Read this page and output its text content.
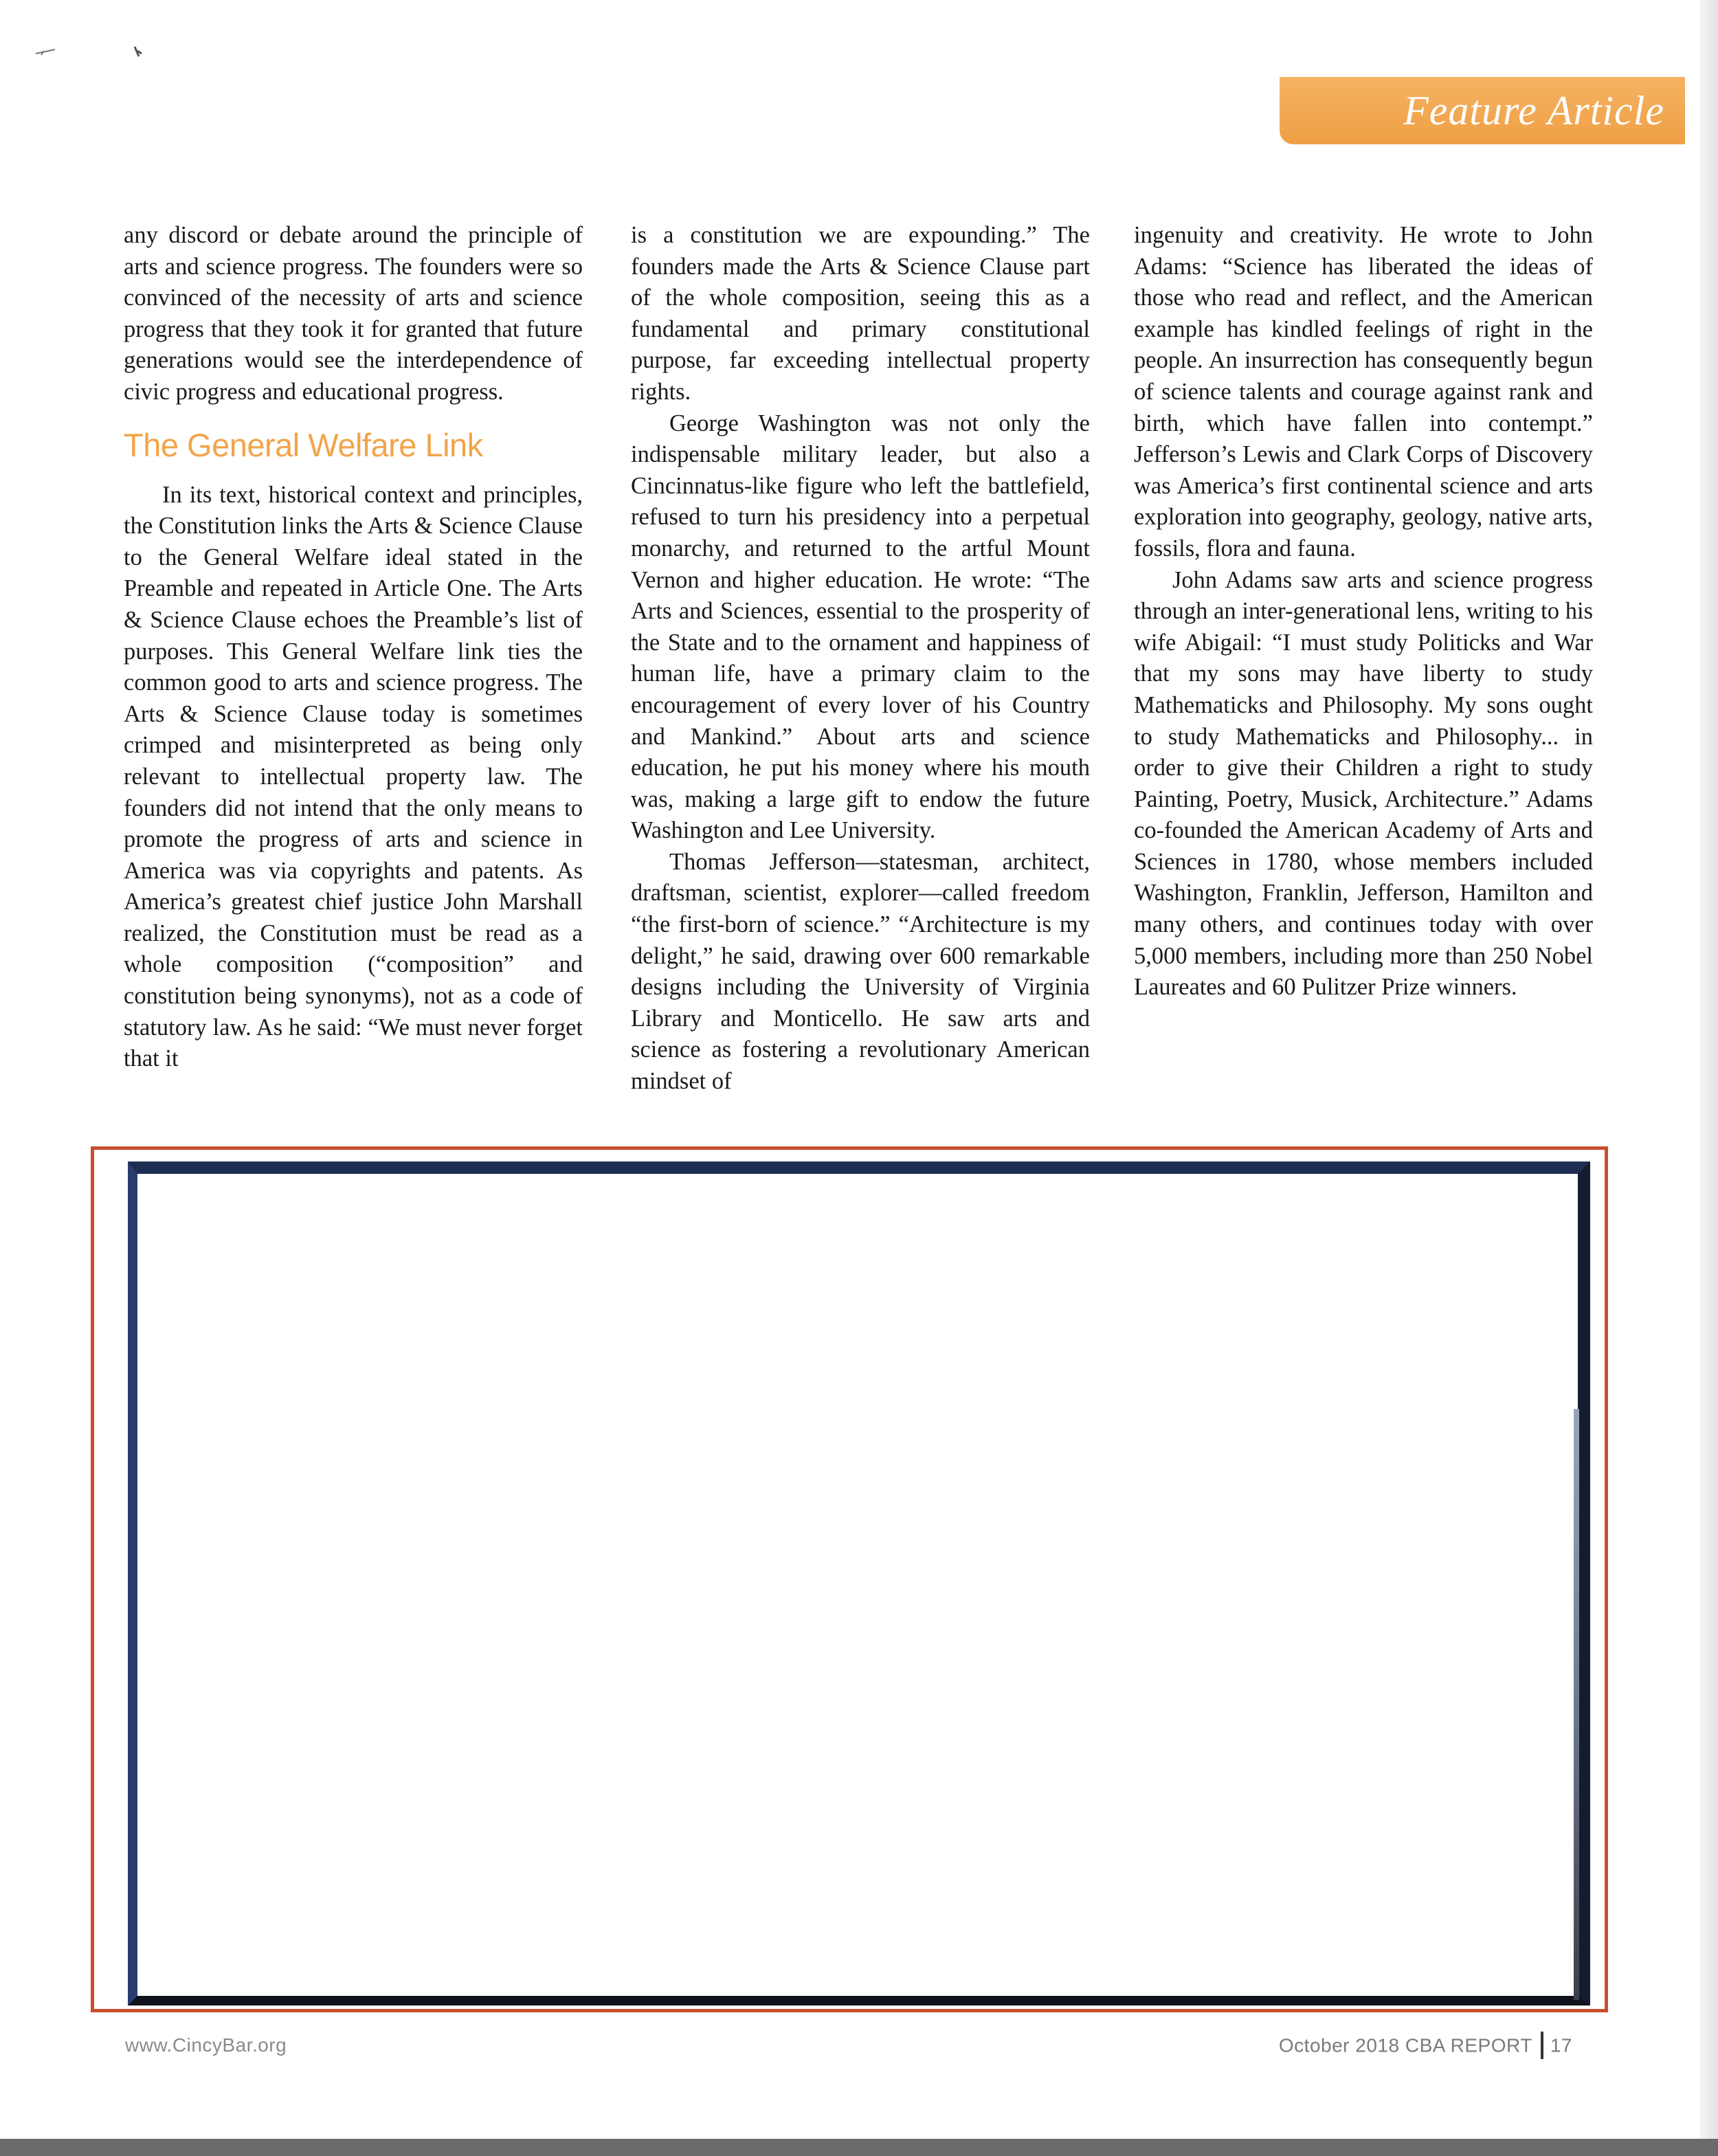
Feature Article

any discord or debate around the principle of arts and science progress. The founders were so convinced of the necessity of arts and science progress that they took it for granted that future generations would see the interdependence of civic progress and educational progress.

The General Welfare Link

In its text, historical context and principles, the Constitution links the Arts & Science Clause to the General Welfare ideal stated in the Preamble and repeated in Article One. The Arts & Science Clause echoes the Preamble’s list of purposes. This General Welfare link ties the common good to arts and science progress. The Arts & Science Clause today is sometimes crimped and misinterpreted as being only relevant to intellectual property law. The founders did not intend that the only means to promote the progress of arts and science in America was via copyrights and patents. As America’s greatest chief justice John Marshall realized, the Constitution must be read as a whole composition (“composition” and constitution being synonyms), not as a code of statutory law. As he said: “We must never forget that it

is a constitution we are expounding.” The founders made the Arts & Science Clause part of the whole composition, seeing this as a fundamental and primary constitutional purpose, far exceeding intellectual property rights.

George Washington was not only the indispensable military leader, but also a Cincinnatus-like figure who left the battlefield, refused to turn his presidency into a perpetual monarchy, and returned to the artful Mount Vernon and higher education. He wrote: “The Arts and Sciences, essential to the prosperity of the State and to the ornament and happiness of human life, have a primary claim to the encouragement of every lover of his Country and Mankind.” About arts and science education, he put his money where his mouth was, making a large gift to endow the future Washington and Lee University.

Thomas Jefferson—statesman, architect, draftsman, scientist, explorer—called freedom “the first-born of science.” “Architecture is my delight,” he said, drawing over 600 remarkable designs including the University of Virginia Library and Monticello. He saw arts and science as fostering a revolutionary American mindset of

ingenuity and creativity. He wrote to John Adams: “Science has liberated the ideas of those who read and reflect, and the American example has kindled feelings of right in the people. An insurrection has consequently begun of science talents and courage against rank and birth, which have fallen into contempt.” Jefferson’s Lewis and Clark Corps of Discovery was America’s first continental science and arts exploration into geography, geology, native arts, fossils, flora and fauna.

John Adams saw arts and science progress through an inter-generational lens, writing to his wife Abigail: “I must study Politicks and War that my sons may have liberty to study Mathematicks and Philosophy. My sons ought to study Mathematicks and Philosophy... in order to give their Children a right to study Painting, Poetry, Musick, Architecture.” Adams co-founded the American Academy of Arts and Sciences in 1780, whose members included Washington, Franklin, Jefferson, Hamilton and many others, and continues today with over 5,000 members, including more than 250 Nobel Laureates and 60 Pulitzer Prize winners.

www.CincyBar.org	October 2018 CBA REPORT 17
